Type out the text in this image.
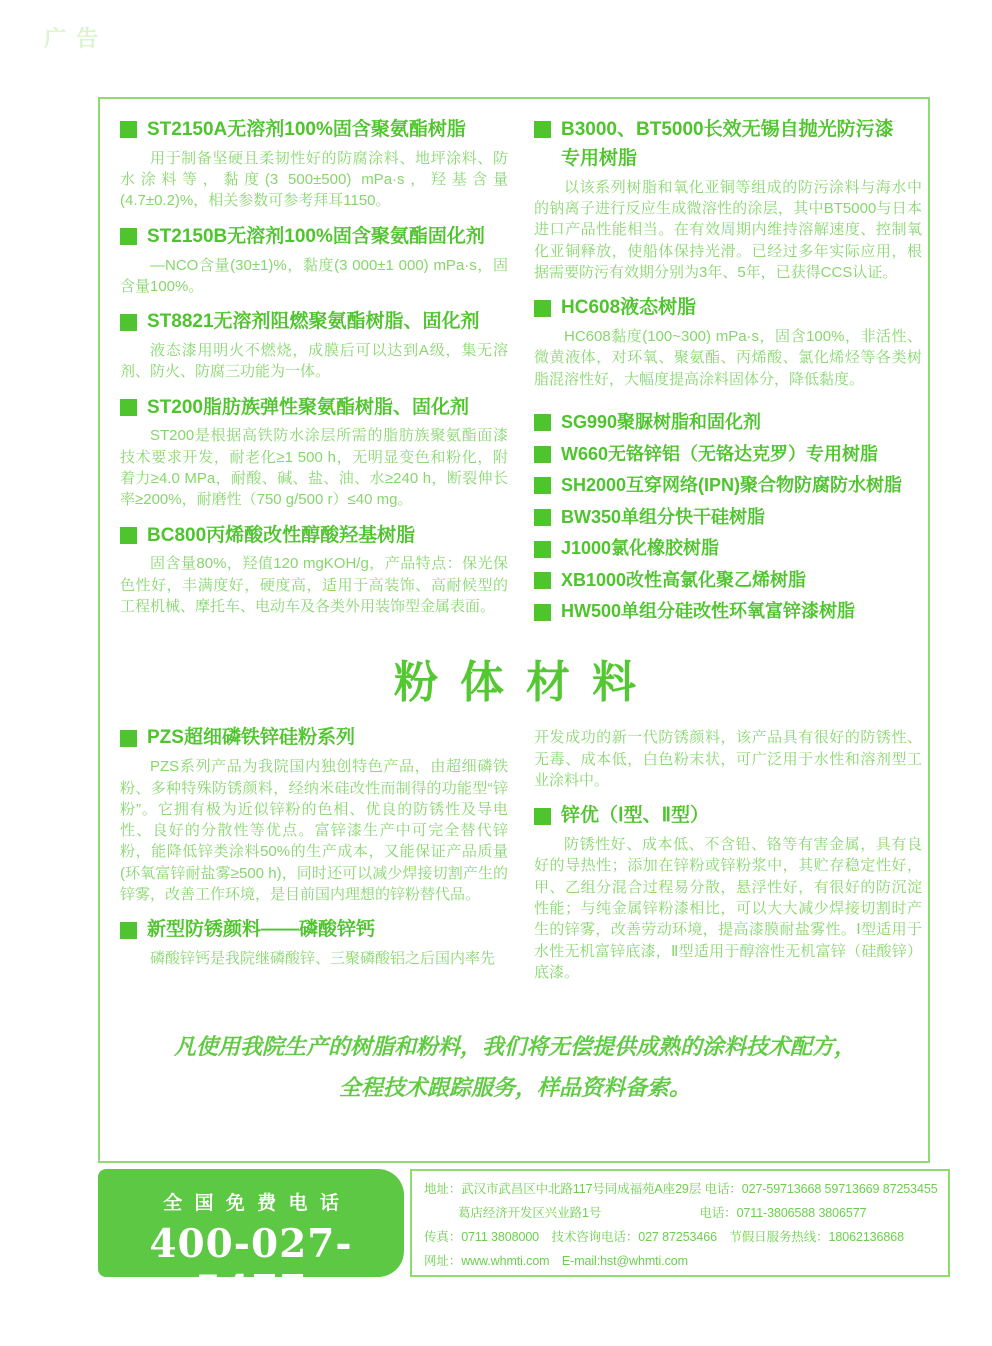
广告
ST2150A无溶剂100%固含聚氨酯树脂

用于制备坚硬且柔韧性好的防腐涂料、地坪涂料、防水涂料等，黏度(3 500±500) mPa·s，羟基含量(4.7±0.2)%，相关参数可参考拜耳1150。

ST2150B无溶剂100%固含聚氨酯固化剂

—NCO含量(30±1)%，黏度(3 000±1 000) mPa·s，固含量100%。

ST8821无溶剂阻燃聚氨酯树脂、固化剂

液态漆用明火不燃烧，成膜后可以达到A级，集无溶剂、防火、防腐三功能为一体。

ST200脂肪族弹性聚氨酯树脂、固化剂

ST200是根据高铁防水涂层所需的脂肪族聚氨酯面漆技术要求开发，耐老化≥1 500 h，无明显变色和粉化，附着力≥4.0 MPa，耐酸、碱、盐、油、水≥240 h，断裂伸长率≥200%，耐磨性（750 g/500 r）≤40 mg。

BC800丙烯酸改性醇酸羟基树脂

固含量80%，羟值120 mgKOH/g，产品特点：保光保色性好，丰满度好，硬度高，适用于高装饰、高耐候型的工程机械、摩托车、电动车及各类外用装饰型金属表面。

B3000、BT5000长效无锡自抛光防污漆
专用树脂

以该系列树脂和氧化亚铜等组成的防污涂料与海水中的钠离子进行反应生成微溶性的涂层，其中BT5000与日本进口产品性能相当。在有效周期内维持溶解速度、控制氧化亚铜释放，使船体保持光滑。已经过多年实际应用，根据需要防污有效期分别为3年、5年，已获得CCS认证。

HC608液态树脂

HC608黏度(100~300) mPa·s，固含100%，非活性、微黄液体，对环氧、聚氨酯、丙烯酸、氯化烯烃等各类树脂混溶性好，大幅度提高涂料固体分，降低黏度。

SG990聚脲树脂和固化剂
W660无铬锌铝（无铬达克罗）专用树脂
SH2000互穿网络(IPN)聚合物防腐防水树脂
BW350单组分快干硅树脂
J1000氯化橡胶树脂
XB1000改性高氯化聚乙烯树脂
HW500单组分硅改性环氧富锌漆树脂
粉体材料
PZS超细磷铁锌硅粉系列

PZS系列产品为我院国内独创特色产品，由超细磷铁粉、多种特殊防锈颜料，经纳米硅改性而制得的功能型“锌粉”。它拥有极为近似锌粉的色相、优良的防锈性及导电性、良好的分散性等优点。富锌漆生产中可完全替代锌粉，能降低锌类涂料50%的生产成本，又能保证产品质量(环氧富锌耐盐雾≥500 h)，同时还可以减少焊接切割产生的锌雾，改善工作环境，是目前国内理想的锌粉替代品。

新型防锈颜料——磷酸锌钙

磷酸锌钙是我院继磷酸锌、三聚磷酸铝之后国内率先

开发成功的新一代防锈颜料，该产品具有很好的防锈性、无毒、成本低，白色粉末状，可广泛用于水性和溶剂型工业涂料中。

锌优（Ⅰ型、Ⅱ型）

防锈性好、成本低、不含铅、铬等有害金属，具有良好的导热性；添加在锌粉或锌粉浆中，其贮存稳定性好，甲、乙组分混合过程易分散，悬浮性好，有很好的防沉淀性能；与纯金属锌粉漆相比，可以大大减少焊接切割时产生的锌雾，改善劳动环境，提高漆膜耐盐雾性。Ⅰ型适用于水性无机富锌底漆，Ⅱ型适用于醇溶性无机富锌（硅酸锌）底漆。

凡使用我院生产的树脂和粉料，我们将无偿提供成熟的涂料技术配方，
全程技术跟踪服务，样品资料备索。
全国免费电话
400-027-5477
地址：武汉市武昌区中北路117号同成福苑A座29层 电话：027-59713668 59713669 87253455
葛店经济开发区兴业路1号	电话：0711-3806588 3806577
传真：0711 3808000　技术咨询电话：027 87253466　节假日服务热线：18062136868
网址：www.whmti.com　E-mail:hst@whmti.com
